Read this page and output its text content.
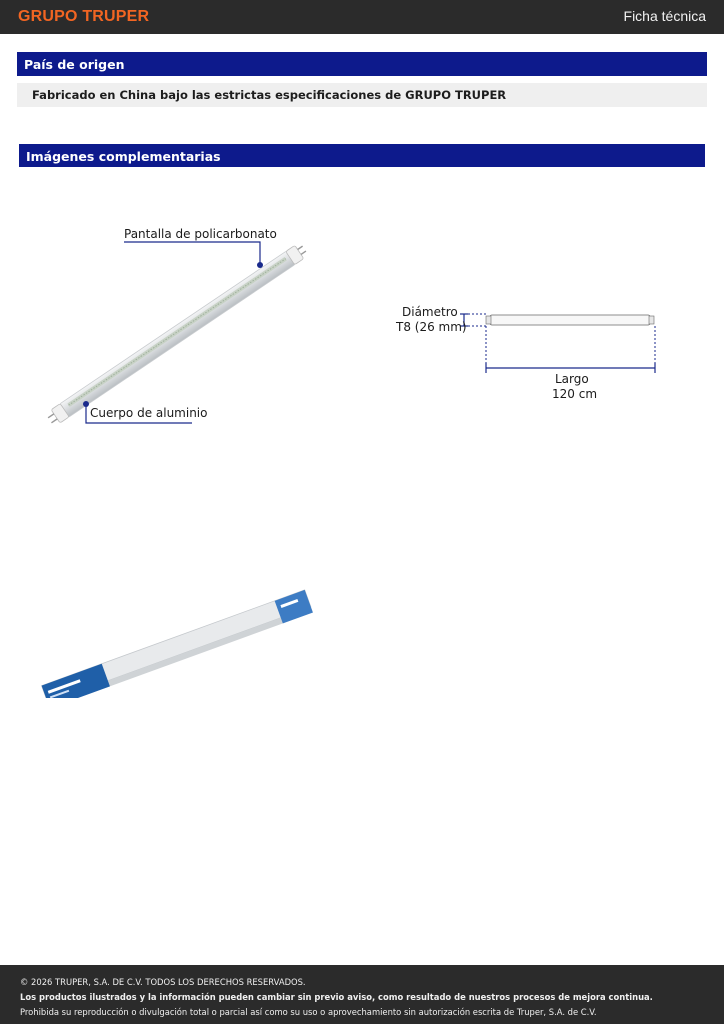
GRUPO TRUPER	Ficha técnica
País de origen
Fabricado en China bajo las estrictas especificaciones de GRUPO TRUPER
Imágenes complementarias
Pantalla de policarbonato
Cuerpo de aluminio
Diámetro
T8 (26 mm)
Largo
120 cm
© 2026 TRUPER, S.A. DE C.V. TODOS LOS DERECHOS RESERVADOS.
Los productos ilustrados y la información pueden cambiar sin previo aviso, como resultado de nuestros procesos de mejora continua.
Prohibida su reproducción o divulgación total o parcial así como su uso o aprovechamiento sin autorización escrita de Truper, S.A. de C.V.
